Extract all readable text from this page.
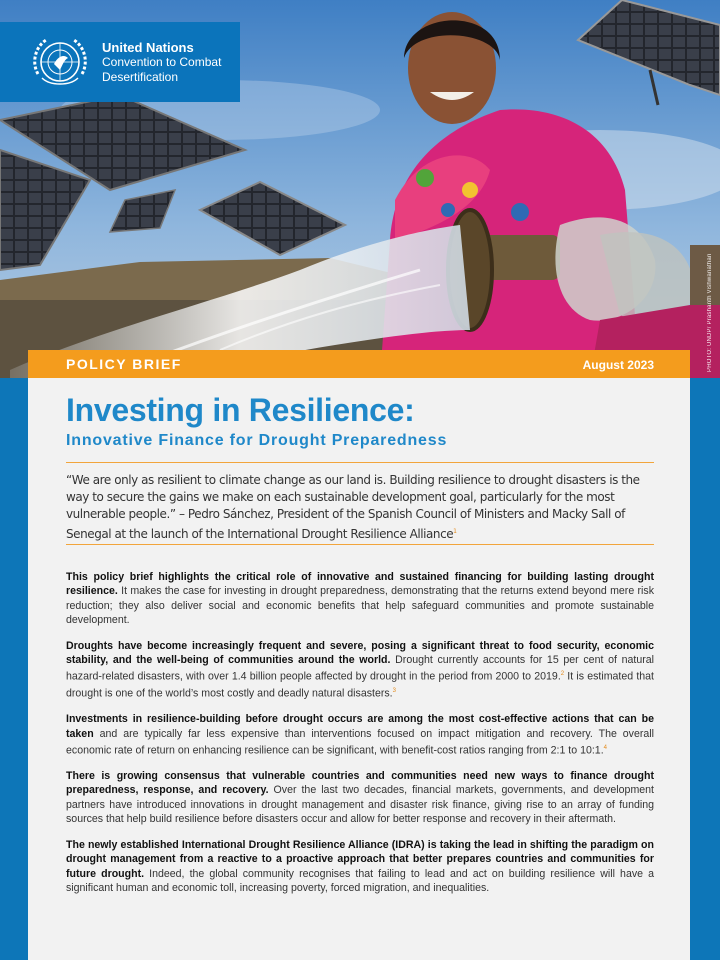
PHOTO: UNDP/ Prashanth Vishwanathan
United Nations
Convention to Combat
Desertification
POLICY BRIEF	August 2023
Investing in Resilience:
Innovative Finance for Drought Preparedness

“We are only as resilient to climate change as our land is. Building resilience to drought disasters is the way to secure the gains we make on each sustainable development goal, particularly for the most vulnerable people.” – Pedro Sánchez, President of the Spanish Council of Ministers and Macky Sall of Senegal at the launch of the International Drought Resilience Alliance$^1$

This policy brief highlights the critical role of innovative and sustained financing for building lasting drought resilience. It makes the case for investing in drought preparedness, demonstrating that the returns extend beyond mere risk reduction; they also deliver social and economic benefits that help safeguard communities and promote sustainable development.

Droughts have become increasingly frequent and severe, posing a significant threat to food security, economic stability, and the well-being of communities around the world. Drought currently accounts for 15 per cent of natural hazard-related disasters, with over 1.4 billion people affected by drought in the period from 2000 to 2019.$^2$ It is estimated that drought is one of the world’s most costly and deadly natural disasters.$^3$

Investments in resilience-building before drought occurs are among the most cost-effective actions that can be taken and are typically far less expensive than interventions focused on impact mitigation and recovery. The overall economic rate of return on enhancing resilience can be significant, with benefit-cost ratios ranging from 2:1 to 10:1.$^4$

There is growing consensus that vulnerable countries and communities need new ways to finance drought preparedness, response, and recovery. Over the last two decades, financial markets, governments, and development partners have introduced innovations in drought management and disaster risk finance, giving rise to an array of funding sources that help build resilience before disasters occur and allow for better response and recovery in their aftermath.

The newly established International Drought Resilience Alliance (IDRA) is taking the lead in shifting the paradigm on drought management from a reactive to a proactive approach that better prepares countries and communities for future drought. Indeed, the global community recognises that failing to lead and act on building resilience will have a significant human and economic toll, increasing poverty, forced migration, and inequalities.
